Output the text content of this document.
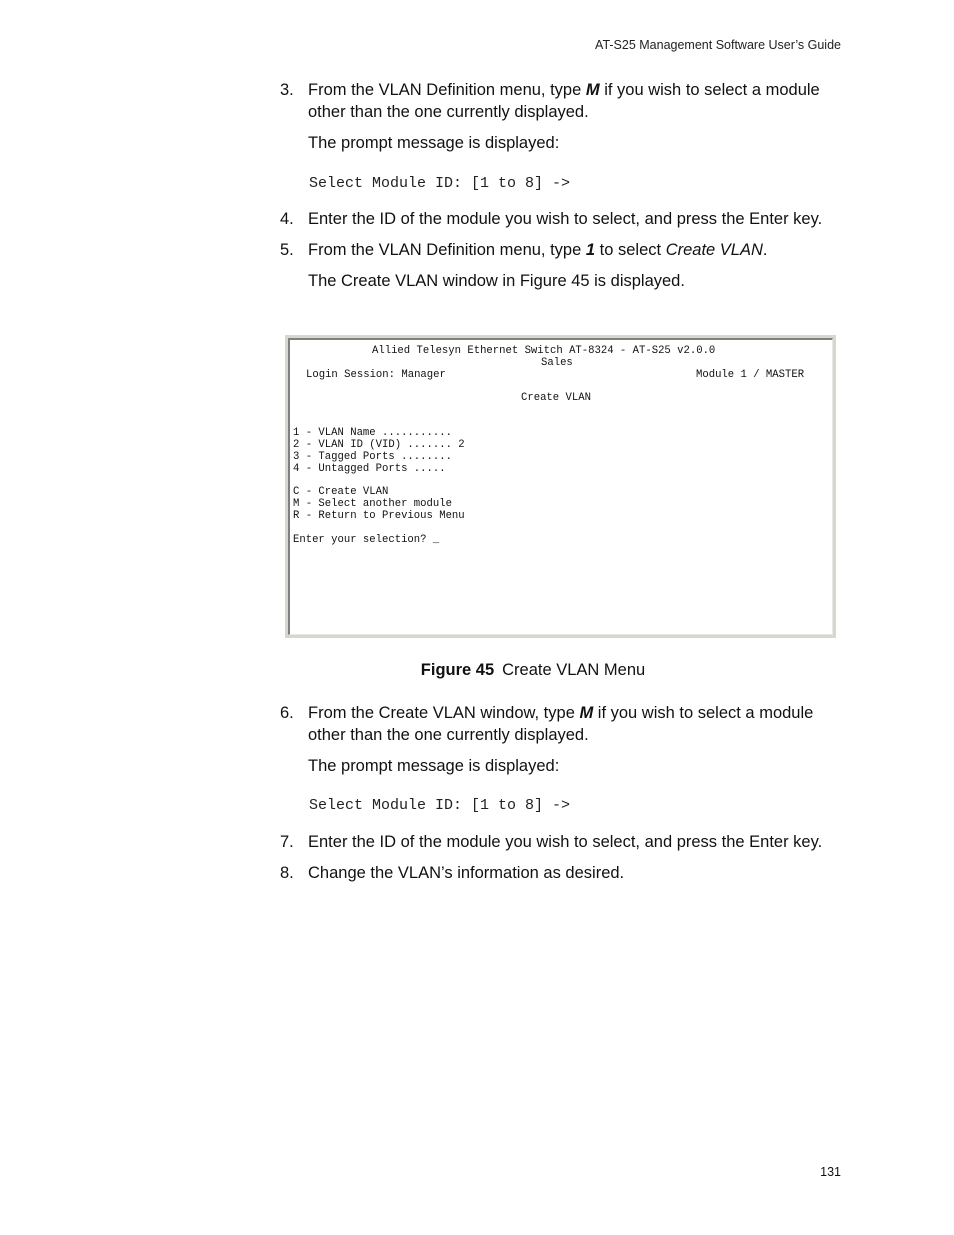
AT-S25 Management Software User’s Guide
3. From the VLAN Definition menu, type M if you wish to select a module other than the one currently displayed.
The prompt message is displayed:
Select Module ID: [1 to 8] ->
4. Enter the ID of the module you wish to select, and press the Enter key.
5. From the VLAN Definition menu, type 1 to select Create VLAN.
The Create VLAN window in Figure 45 is displayed.
Allied Telesyn Ethernet Switch AT-8324 - AT-S25 v2.0.0
Sales
Login Session: Manager	Module 1 / MASTER
Create VLAN
1 - VLAN Name ...........
2 - VLAN ID (VID) ....... 2
3 - Tagged Ports ........
4 - Untagged Ports .....
C - Create VLAN
M - Select another module
R - Return to Previous Menu
Enter your selection? _
Figure 45 Create VLAN Menu
6. From the Create VLAN window, type M if you wish to select a module other than the one currently displayed.
The prompt message is displayed:
Select Module ID: [1 to 8] ->
7. Enter the ID of the module you wish to select, and press the Enter key.
8. Change the VLAN’s information as desired.
131
